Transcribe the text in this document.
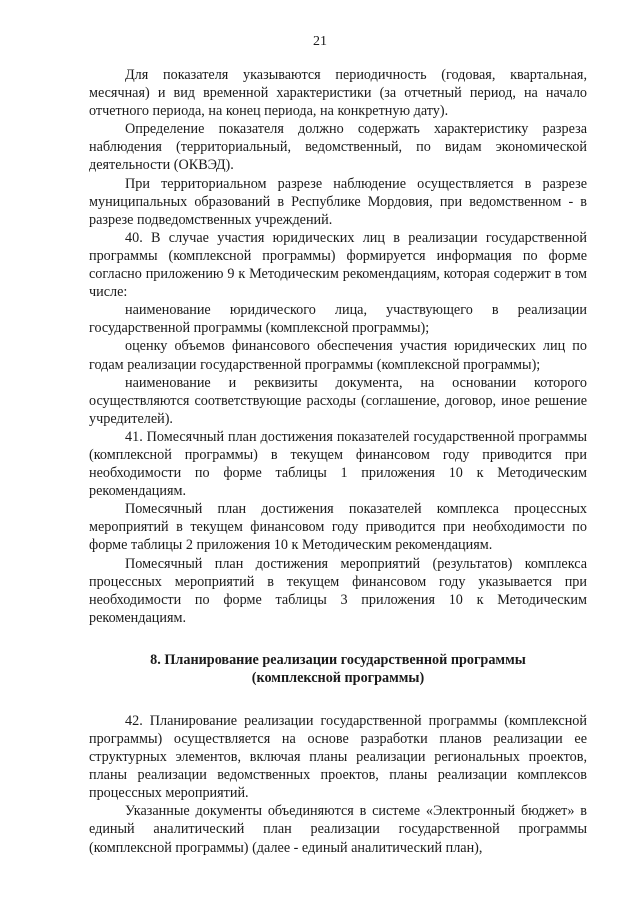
21

Для показателя указываются периодичность (годовая, квартальная, месячная) и вид временной характеристики (за отчетный период, на начало отчетного периода, на конец периода, на конкретную дату).

Определение показателя должно содержать характеристику разреза наблюдения (территориальный, ведомственный, по видам экономической деятельности (ОКВЭД).

При территориальном разрезе наблюдение осуществляется в разрезе муниципальных образований в Республике Мордовия, при ведомственном - в разрезе подведомственных учреждений.

40. В случае участия юридических лиц в реализации государственной программы (комплексной программы) формируется информация по форме согласно приложению 9 к Методическим рекомендациям, которая содержит в том числе:

наименование юридического лица, участвующего в реализации государственной программы (комплексной программы);

оценку объемов финансового обеспечения участия юридических лиц по годам реализации государственной программы (комплексной программы);

наименование и реквизиты документа, на основании которого осуществляются соответствующие расходы (соглашение, договор, иное решение учредителей).

41. Помесячный план достижения показателей государственной программы (комплексной программы) в текущем финансовом году приводится при необходимости по форме таблицы 1 приложения 10 к Методическим рекомендациям.

Помесячный план достижения показателей комплекса процессных мероприятий в текущем финансовом году приводится при необходимости по форме таблицы 2 приложения 10 к Методическим рекомендациям.

Помесячный план достижения мероприятий (результатов) комплекса процессных мероприятий в текущем финансовом году указывается при необходимости по форме таблицы 3 приложения 10 к Методическим рекомендациям.

8. Планирование реализации государственной программы
(комплексной программы)

42. Планирование реализации государственной программы (комплексной программы) осуществляется на основе разработки планов реализации ее структурных элементов, включая планы реализации региональных проектов, планы реализации ведомственных проектов, планы реализации комплексов процессных мероприятий.

Указанные документы объединяются в системе «Электронный бюджет» в единый аналитический план реализации государственной программы (комплексной программы) (далее - единый аналитический план),
